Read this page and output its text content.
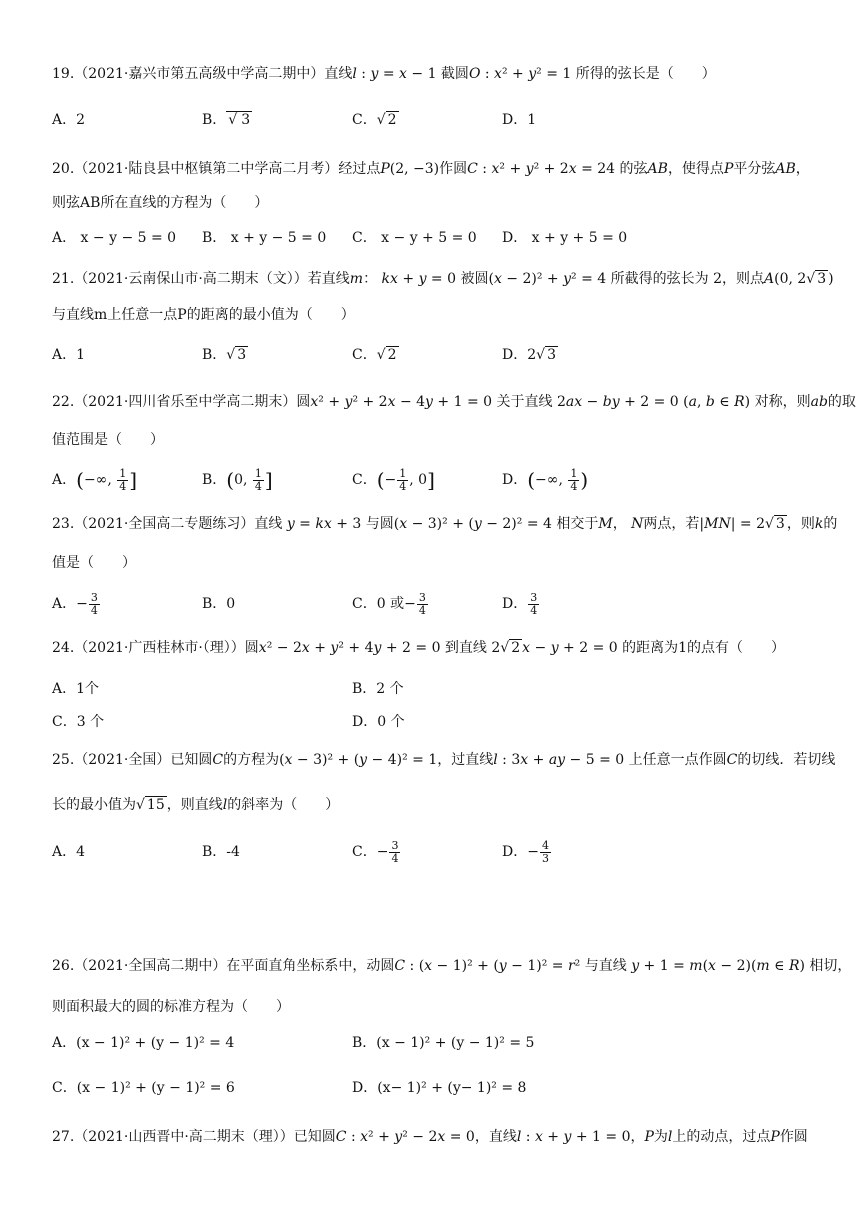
19.（2021·嘉兴市第五高级中学高二期中）直线l : y = x − 1 截圆O : x² + y² = 1 所得的弦长是（　　）
A．2	B． √ 3	C．√ 2	D．1
20.（2021·陆良县中枢镇第二中学高二月考）经过点P(2, −3)作圆C : x² + y² + 2x = 24 的弦AB，使得点P平分弦AB，
则弦AB所在直线的方程为（　　）
A． x − y − 5 = 0 B． x + y − 5 = 0 C． x − y + 5 = 0 D． x + y + 5 = 0
21.（2021·云南保山市·高二期末（文））若直线m： kx + y = 0 被圆(x − 2)² + y² = 4 所截得的弦长为 2，则点A(0, 2√ 3 )
与直线m上任意一点P的距离的最小值为（　　）
A．1	B．√ 3	C．√ 2	D．2√ 3
22.（2021·四川省乐至中学高二期末）圆x² + y² + 2x − 4y + 1 = 0 关于直线 2ax − by + 2 = 0 (a, b ∈ R) 对称，则ab的取
值范围是（　　）
A．(−∞, $\frac{1}{4}$ ]	B．(0, $\frac{1}{4}$ ]	C．(− $\frac{1}{4}$ , 0]	D．(−∞, $\frac{1}{4}$ )
23.（2021·全国高二专题练习）直线 y = kx + 3 与圆(x − 3)² + (y − 2)² = 4 相交于M， N两点，若|MN| = 2√ 3 ，则k的
值是（　　）
A．− $\frac{3}{4}$	B．0	C．0 或− $\frac{3}{4}$	D． $\frac{3}{4}$
24.（2021·广西桂林市·（理））圆x² − 2x + y² + 4y + 2 = 0 到直线 2√ 2 x − y + 2 = 0 的距离为1的点有（　　）
A．1个	B．2 个
C．3 个	D．0 个
25.（2021·全国）已知圆C的方程为(x − 3)² + (y − 4)² = 1，过直线l : 3x + ay − 5 = 0 上任意一点作圆C的切线．若切线
长的最小值为√ 15 ，则直线l的斜率为（　　）
A．4	B．-4	C．− $\frac{3}{4}$	D．− $\frac{4}{3}$
26.（2021·全国高二期中）在平面直角坐标系中，动圆C : (x − 1)² + (y − 1)² = r² 与直线 y + 1 = m(x − 2)(m ∈ R) 相切，
则面积最大的圆的标准方程为（　　）
A．(x − 1)² + (y − 1)² = 4	B．(x − 1)² + (y − 1)² = 5
C．(x − 1)² + (y − 1)² = 6	D．(x− 1)² + (y− 1)² = 8
27.（2021·山西晋中·高二期末（理））已知圆C : x² + y² − 2x = 0，直线l : x + y + 1 = 0，P为l上的动点，过点P作圆
